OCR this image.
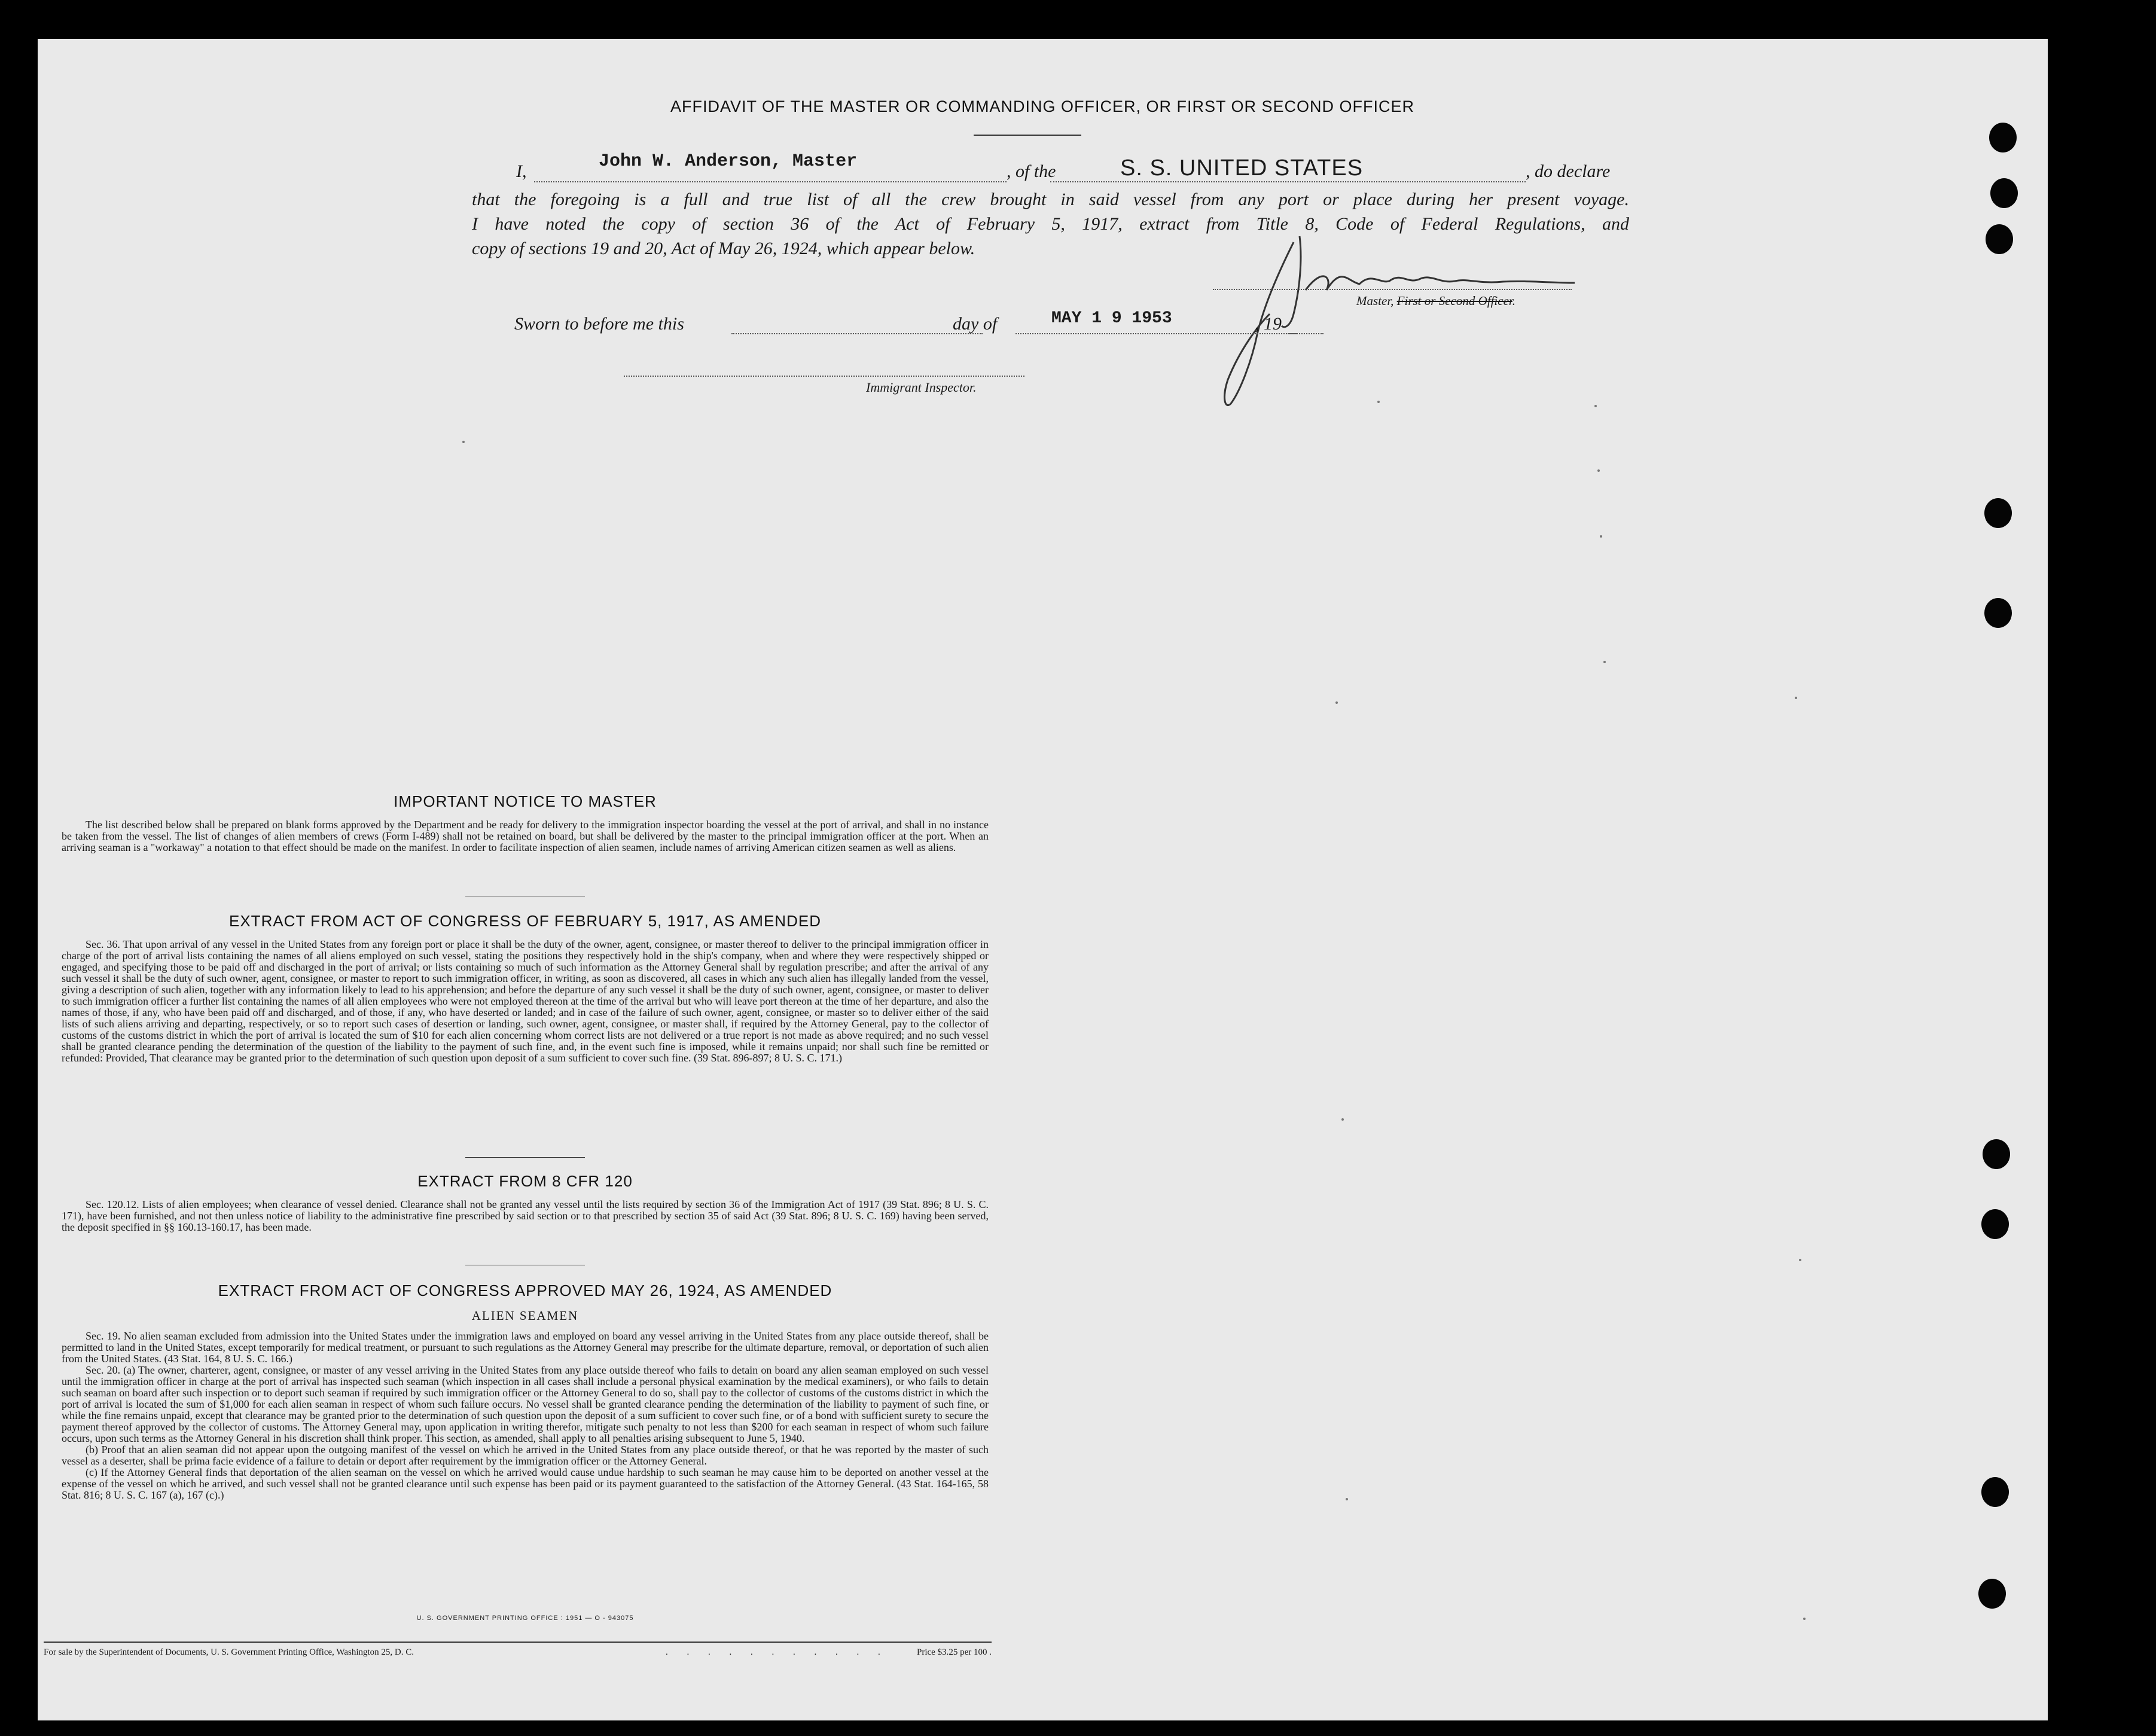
AFFIDAVIT OF THE MASTER OR COMMANDING OFFICER, OR FIRST OR SECOND OFFICER
I,	John W. Anderson, Master	, of the	S. S. UNITED STATES	, do declare
that the foregoing is a full and true list of all the crew brought in said vessel from any port or place during her present voyage.
I have noted the copy of section 36 of the Act of February 5, 1917, extract from Title 8, Code of Federal Regulations, and
copy of sections 19 and 20, Act of May 26, 1924, which appear below.
Master, First or Second Officer.
Sworn to before me this	day of	MAY 1 9 1953	, 19
Immigrant Inspector.
IMPORTANT NOTICE TO MASTER

The list described below shall be prepared on blank forms approved by the Department and be ready for delivery to the immigration inspector boarding the vessel at the port of arrival, and shall in no instance be taken from the vessel. The list of changes of alien members of crews (Form I-489) shall not be retained on board, but shall be delivered by the master to the principal immigration officer at the port. When an arriving seaman is a "workaway" a notation to that effect should be made on the manifest. In order to facilitate inspection of alien seamen, include names of arriving American citizen seamen as well as aliens.

EXTRACT FROM ACT OF CONGRESS OF FEBRUARY 5, 1917, AS AMENDED

Sec. 36. That upon arrival of any vessel in the United States from any foreign port or place it shall be the duty of the owner, agent, consignee, or master thereof to deliver to the principal immigration officer in charge of the port of arrival lists containing the names of all aliens employed on such vessel, stating the positions they respectively hold in the ship's company, when and where they were respectively shipped or engaged, and specifying those to be paid off and discharged in the port of arrival; or lists containing so much of such information as the Attorney General shall by regulation prescribe; and after the arrival of any such vessel it shall be the duty of such owner, agent, consignee, or master to report to such immigration officer, in writing, as soon as discovered, all cases in which any such alien has illegally landed from the vessel, giving a description of such alien, together with any information likely to lead to his apprehension; and before the departure of any such vessel it shall be the duty of such owner, agent, consignee, or master to deliver to such immigration officer a further list containing the names of all alien employees who were not employed thereon at the time of the arrival but who will leave port thereon at the time of her departure, and also the names of those, if any, who have been paid off and discharged, and of those, if any, who have deserted or landed; and in case of the failure of such owner, agent, consignee, or master so to deliver either of the said lists of such aliens arriving and departing, respectively, or so to report such cases of desertion or landing, such owner, agent, consignee, or master shall, if required by the Attorney General, pay to the collector of customs of the customs district in which the port of arrival is located the sum of $10 for each alien concerning whom correct lists are not delivered or a true report is not made as above required; and no such vessel shall be granted clearance pending the determination of the question of the liability to the payment of such fine, and, in the event such fine is imposed, while it remains unpaid; nor shall such fine be remitted or refunded: Provided, That clearance may be granted prior to the determination of such question upon deposit of a sum sufficient to cover such fine. (39 Stat. 896-897; 8 U. S. C. 171.)

EXTRACT FROM 8 CFR 120

Sec. 120.12. Lists of alien employees; when clearance of vessel denied. Clearance shall not be granted any vessel until the lists required by section 36 of the Immigration Act of 1917 (39 Stat. 896; 8 U. S. C. 171), have been furnished, and not then unless notice of liability to the administrative fine prescribed by said section or to that prescribed by section 35 of said Act (39 Stat. 896; 8 U. S. C. 169) having been served, the deposit specified in §§ 160.13-160.17, has been made.

EXTRACT FROM ACT OF CONGRESS APPROVED MAY 26, 1924, AS AMENDED
ALIEN SEAMEN

Sec. 19. No alien seaman excluded from admission into the United States under the immigration laws and employed on board any vessel arriving in the United States from any place outside thereof, shall be permitted to land in the United States, except temporarily for medical treatment, or pursuant to such regulations as the Attorney General may prescribe for the ultimate departure, removal, or deportation of such alien from the United States. (43 Stat. 164, 8 U. S. C. 166.)

Sec. 20. (a) The owner, charterer, agent, consignee, or master of any vessel arriving in the United States from any place outside thereof who fails to detain on board any alien seaman employed on such vessel until the immigration officer in charge at the port of arrival has inspected such seaman (which inspection in all cases shall include a personal physical examination by the medical examiners), or who fails to detain such seaman on board after such inspection or to deport such seaman if required by such immigration officer or the Attorney General to do so, shall pay to the collector of customs of the customs district in which the port of arrival is located the sum of $1,000 for each alien seaman in respect of whom such failure occurs. No vessel shall be granted clearance pending the determination of the liability to payment of such fine, or while the fine remains unpaid, except that clearance may be granted prior to the determination of such question upon the deposit of a sum sufficient to cover such fine, or of a bond with sufficient surety to secure the payment thereof approved by the collector of customs. The Attorney General may, upon application in writing therefor, mitigate such penalty to not less than $200 for each seaman in respect of whom such failure occurs, upon such terms as the Attorney General in his discretion shall think proper. This section, as amended, shall apply to all penalties arising subsequent to June 5, 1940.

(b) Proof that an alien seaman did not appear upon the outgoing manifest of the vessel on which he arrived in the United States from any place outside thereof, or that he was reported by the master of such vessel as a deserter, shall be prima facie evidence of a failure to detain or deport after requirement by the immigration officer or the Attorney General.

(c) If the Attorney General finds that deportation of the alien seaman on the vessel on which he arrived would cause undue hardship to such seaman he may cause him to be deported on another vessel at the expense of the vessel on which he arrived, and such vessel shall not be granted clearance until such expense has been paid or its payment guaranteed to the satisfaction of the Attorney General. (43 Stat. 164-165, 58 Stat. 816; 8 U. S. C. 167 (a), 167 (c).)

U. S. GOVERNMENT PRINTING OFFICE : 1951 — O - 943075
For sale by the Superintendent of Documents, U. S. Government Printing Office, Washington 25, D. C.	. . . . . . . . . . .	Price $3.25 per 100 .
